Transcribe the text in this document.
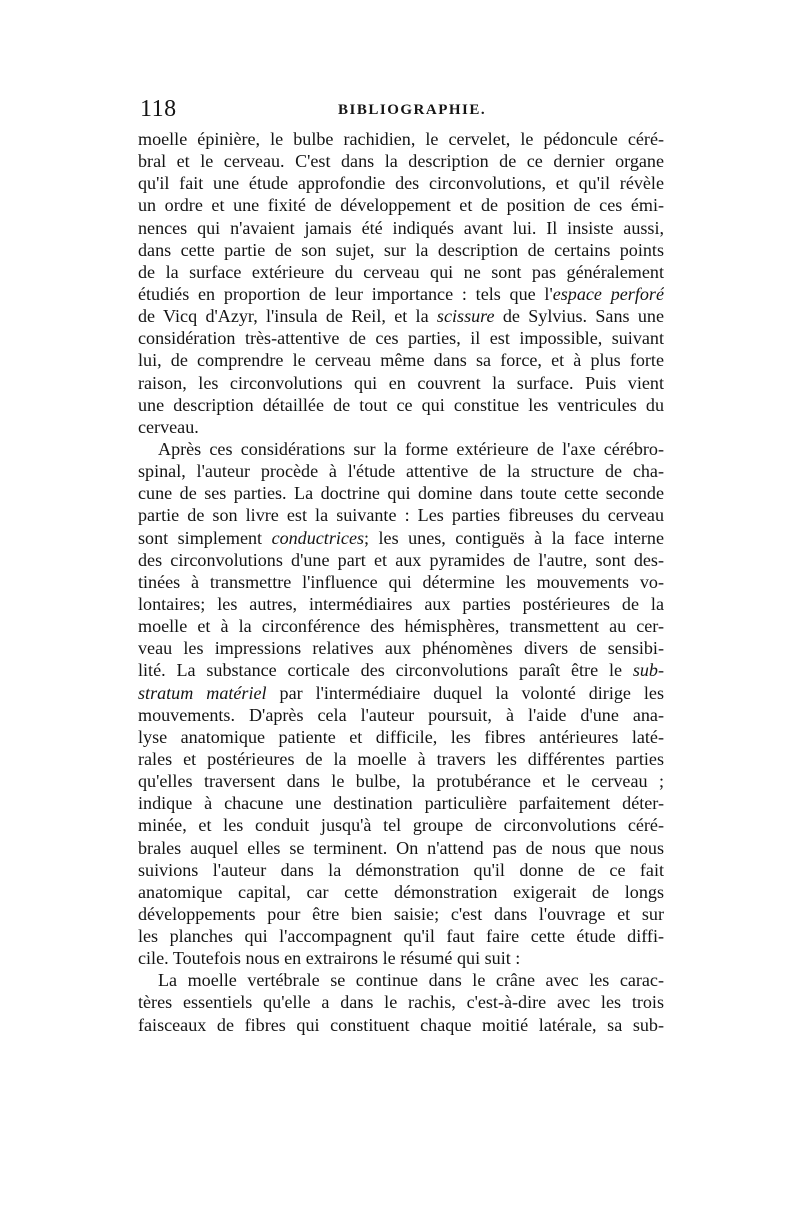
118	BIBLIOGRAPHIE.
moelle épinière, le bulbe rachidien, le cervelet, le pédoncule céré-
bral et le cerveau. C'est dans la description de ce dernier organe
qu'il fait une étude approfondie des circonvolutions, et qu'il révèle
un ordre et une fixité de développement et de position de ces émi-
nences qui n'avaient jamais été indiqués avant lui. Il insiste aussi,
dans cette partie de son sujet, sur la description de certains points
de la surface extérieure du cerveau qui ne sont pas généralement
étudiés en proportion de leur importance : tels que l'espace perforé
de Vicq d'Azyr, l'insula de Reil, et la scissure de Sylvius. Sans une
considération très-attentive de ces parties, il est impossible, suivant
lui, de comprendre le cerveau même dans sa force, et à plus forte
raison, les circonvolutions qui en couvrent la surface. Puis vient
une description détaillée de tout ce qui constitue les ventricules du
cerveau.
Après ces considérations sur la forme extérieure de l'axe cérébro-
spinal, l'auteur procède à l'étude attentive de la structure de cha-
cune de ses parties. La doctrine qui domine dans toute cette seconde
partie de son livre est la suivante : Les parties fibreuses du cerveau
sont simplement conductrices; les unes, contiguës à la face interne
des circonvolutions d'une part et aux pyramides de l'autre, sont des-
tinées à transmettre l'influence qui détermine les mouvements vo-
lontaires; les autres, intermédiaires aux parties postérieures de la
moelle et à la circonférence des hémisphères, transmettent au cer-
veau les impressions relatives aux phénomènes divers de sensibi-
lité. La substance corticale des circonvolutions paraît être le sub-
stratum matériel par l'intermédiaire duquel la volonté dirige les
mouvements. D'après cela l'auteur poursuit, à l'aide d'une ana-
lyse anatomique patiente et difficile, les fibres antérieures laté-
rales et postérieures de la moelle à travers les différentes parties
qu'elles traversent dans le bulbe, la protubérance et le cerveau ;
indique à chacune une destination particulière parfaitement déter-
minée, et les conduit jusqu'à tel groupe de circonvolutions céré-
brales auquel elles se terminent. On n'attend pas de nous que nous
suivions l'auteur dans la démonstration qu'il donne de ce fait
anatomique capital, car cette démonstration exigerait de longs
développements pour être bien saisie; c'est dans l'ouvrage et sur
les planches qui l'accompagnent qu'il faut faire cette étude diffi-
cile. Toutefois nous en extrairons le résumé qui suit :
La moelle vertébrale se continue dans le crâne avec les carac-
tères essentiels qu'elle a dans le rachis, c'est-à-dire avec les trois
faisceaux de fibres qui constituent chaque moitié latérale, sa sub-
